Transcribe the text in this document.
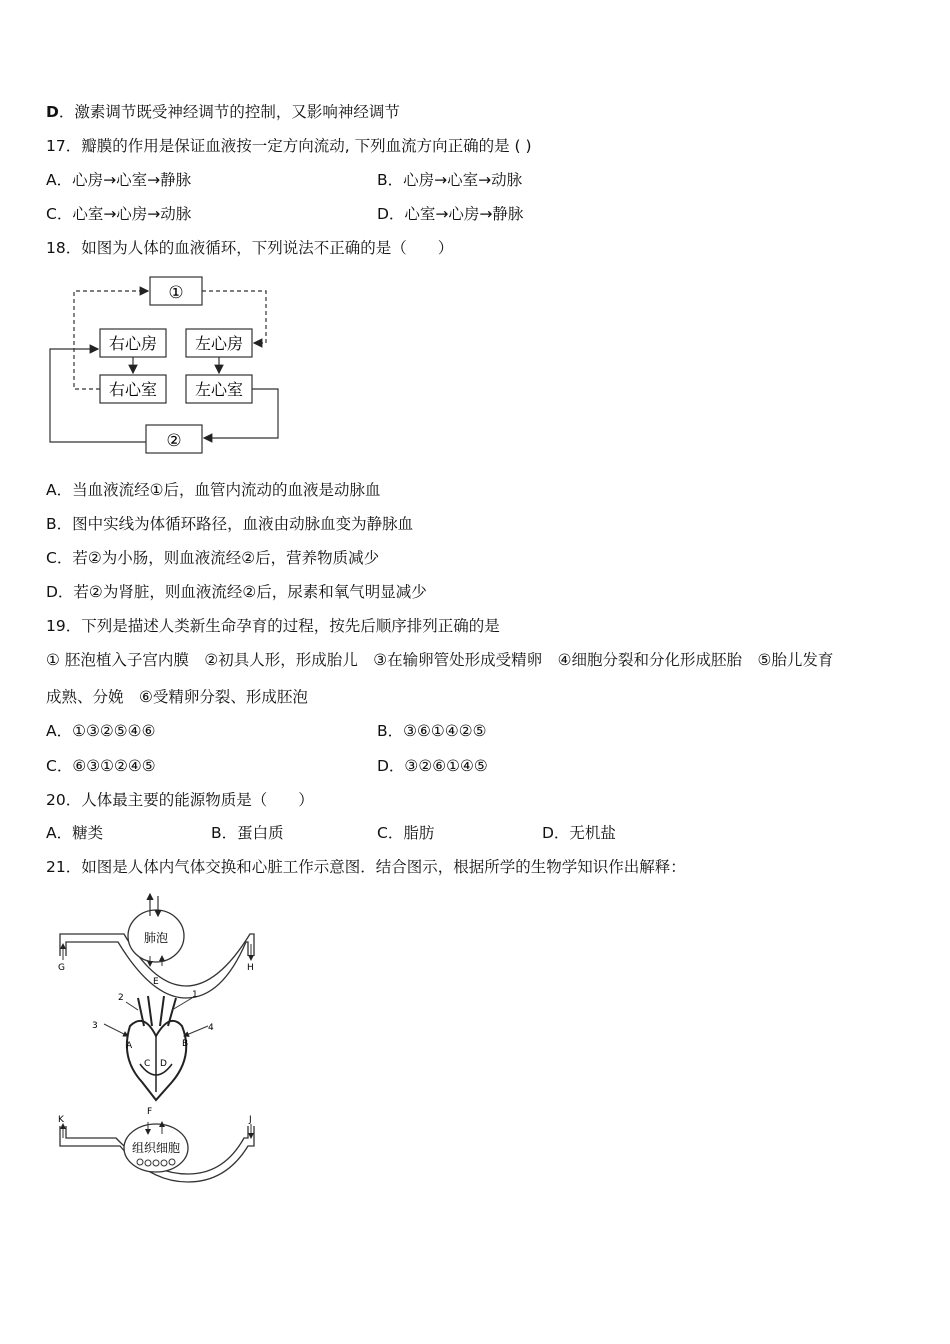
D．激素调节既受神经调节的控制，又影响神经调节
17．瓣膜的作用是保证血液按一定方向流动, 下列血流方向正确的是 ( )
A．心房→心室→静脉	B．心房→心室→动脉
C．心室→心房→动脉	D．心室→心房→静脉
18．如图为人体的血液循环，下列说法不正确的是（　　）
①
右心房 左心房
右心室 左心室
②
A．当血液流经①后，血管内流动的血液是动脉血
B．图中实线为体循环路径，血液由动脉血变为静脉血
C．若②为小肠，则血液流经②后，营养物质减少
D．若②为肾脏，则血液流经②后，尿素和氧气明显减少
19．下列是描述人类新生命孕育的过程，按先后顺序排列正确的是
① 胚泡植入子宫内膜　②初具人形，形成胎儿　③在输卵管处形成受精卵　④细胞分裂和分化形成胚胎　⑤胎儿发育
成熟、分娩　⑥受精卵分裂、形成胚泡
A．①③②⑤④⑥	B．③⑥①④②⑤
C．⑥③①②④⑤	D．③②⑥①④⑤
20．人体最主要的能源物质是（　　）
A．糖类	B．蛋白质	C．脂肪	D．无机盐
21．如图是人体内气体交换和心脏工作示意图．结合图示，根据所学的生物学知识作出解释：
肺泡
G	H
E
2	1
3	4
A	B
C D
组织细胞
F
K	J
